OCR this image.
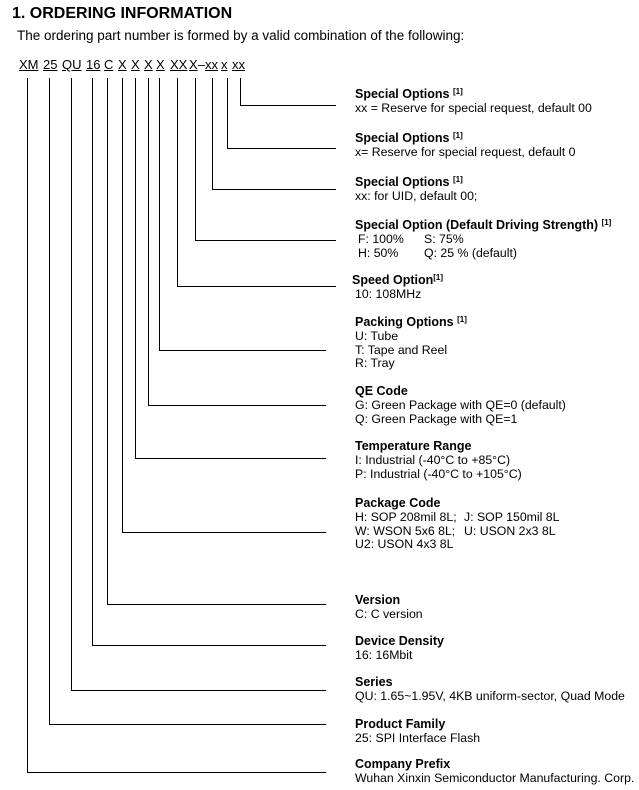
1. ORDERING INFORMATION
The ordering part number is formed by a valid combination of the following:
XM 25 QU 16 C X X X X XX X – xx x xx
Special Options [1]
xx = Reserve for special request, default 00
Special Options [1]
x= Reserve for special request, default 0
Special Options [1]
xx: for UID, default 00;
Special Option (Default Driving Strength) [1]
F: 100%	S: 75%
H: 50%	Q: 25 % (default)
Speed Option[1]
10: 108MHz
Packing Options [1]
U: Tube
T: Tape and Reel
R: Tray
QE Code
G: Green Package with QE=0 (default)
Q: Green Package with QE=1
Temperature Range
I: Industrial (-40°C to +85°C)
P: Industrial (-40°C to +105°C)
Package Code
H: SOP 208mil 8L; J: SOP 150mil 8L
W: WSON 5x6 8L; U: USON 2x3 8L
U2: USON 4x3 8L
Version
C: C version
Device Density
16: 16Mbit
Series
QU: 1.65~1.95V, 4KB uniform-sector, Quad Mode
Product Family
25: SPI Interface Flash
Company Prefix
Wuhan Xinxin Semiconductor Manufacturing. Corp.
